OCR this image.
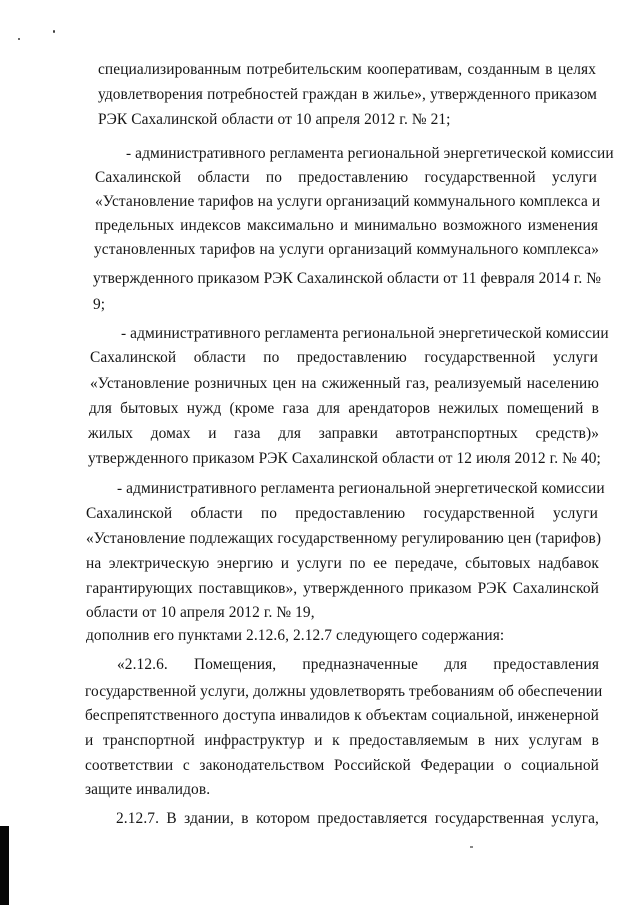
специализированным потребительским кооперативам, созданным в целях

удовлетворения потребностей граждан в жилье», утвержденного приказом

РЭК Сахалинской области от 10 апреля 2012 г. № 21;

- административного регламента региональной энергетической комиссии

Сахалинской области по предоставлению государственной услуги

«Установление тарифов на услуги организаций коммунального комплекса и

предельных индексов максимально и минимально возможного изменения

установленных тарифов на услуги организаций коммунального комплекса»

утвержденного приказом РЭК Сахалинской области от 11 февраля 2014 г. №

9;

- административного регламента региональной энергетической комиссии

Сахалинской области по предоставлению государственной услуги

«Установление розничных цен на сжиженный газ, реализуемый населению

для бытовых нужд (кроме газа для арендаторов нежилых помещений в

жилых домах и газа для заправки автотранспортных средств)»

утвержденного приказом РЭК Сахалинской области от 12 июля 2012 г. № 40;

- административного регламента региональной энергетической комиссии

Сахалинской области по предоставлению государственной услуги

«Установление подлежащих государственному регулированию цен (тарифов)

на электрическую энергию и услуги по ее передаче, сбытовых надбавок

гарантирующих поставщиков», утвержденного приказом РЭК Сахалинской

области от 10 апреля 2012 г. № 19,

дополнив его пунктами 2.12.6, 2.12.7 следующего содержания:

«2.12.6. Помещения, предназначенные для предоставления

государственной услуги, должны удовлетворять требованиям об обеспечении

беспрепятственного доступа инвалидов к объектам социальной, инженерной

и транспортной инфраструктур и к предоставляемым в них услугам в

соответствии с законодательством Российской Федерации о социальной

защите инвалидов.

2.12.7. В здании, в котором предоставляется государственная услуга,
